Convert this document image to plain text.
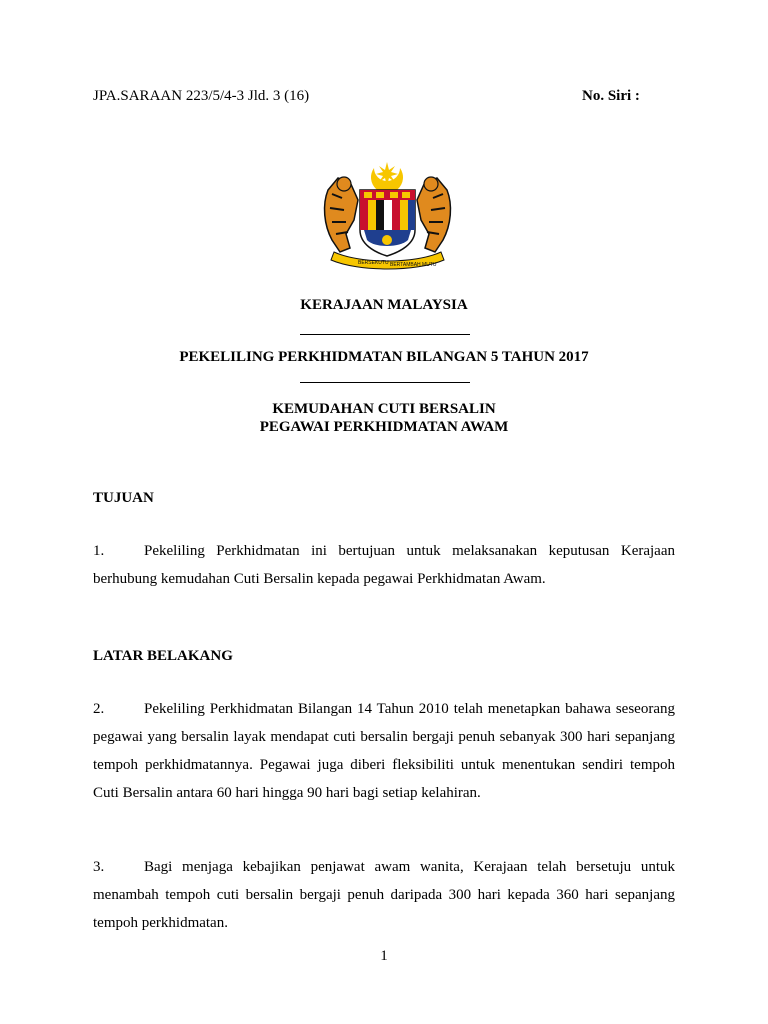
JPA.SARAAN 223/5/4-3 Jld. 3 (16)	No. Siri :
BERSEKUTU BERTAMBAH MUTU
KERAJAAN MALAYSIA
PEKELILING PERKHIDMATAN BILANGAN 5 TAHUN 2017
KEMUDAHAN CUTI BERSALIN
PEGAWAI PERKHIDMATAN AWAM
TUJUAN
1.	Pekeliling Perkhidmatan ini bertujuan untuk melaksanakan keputusan Kerajaan berhubung kemudahan Cuti Bersalin kepada pegawai Perkhidmatan Awam.
LATAR BELAKANG
2.	Pekeliling Perkhidmatan Bilangan 14 Tahun 2010 telah menetapkan bahawa seseorang pegawai yang bersalin layak mendapat cuti bersalin bergaji penuh sebanyak 300 hari sepanjang tempoh perkhidmatannya. Pegawai juga diberi fleksibiliti untuk menentukan sendiri tempoh Cuti Bersalin antara 60 hari hingga 90 hari bagi setiap kelahiran.
3.	Bagi menjaga kebajikan penjawat awam wanita, Kerajaan telah bersetuju untuk menambah tempoh cuti bersalin bergaji penuh daripada 300 hari kepada 360 hari sepanjang tempoh perkhidmatan.
1
